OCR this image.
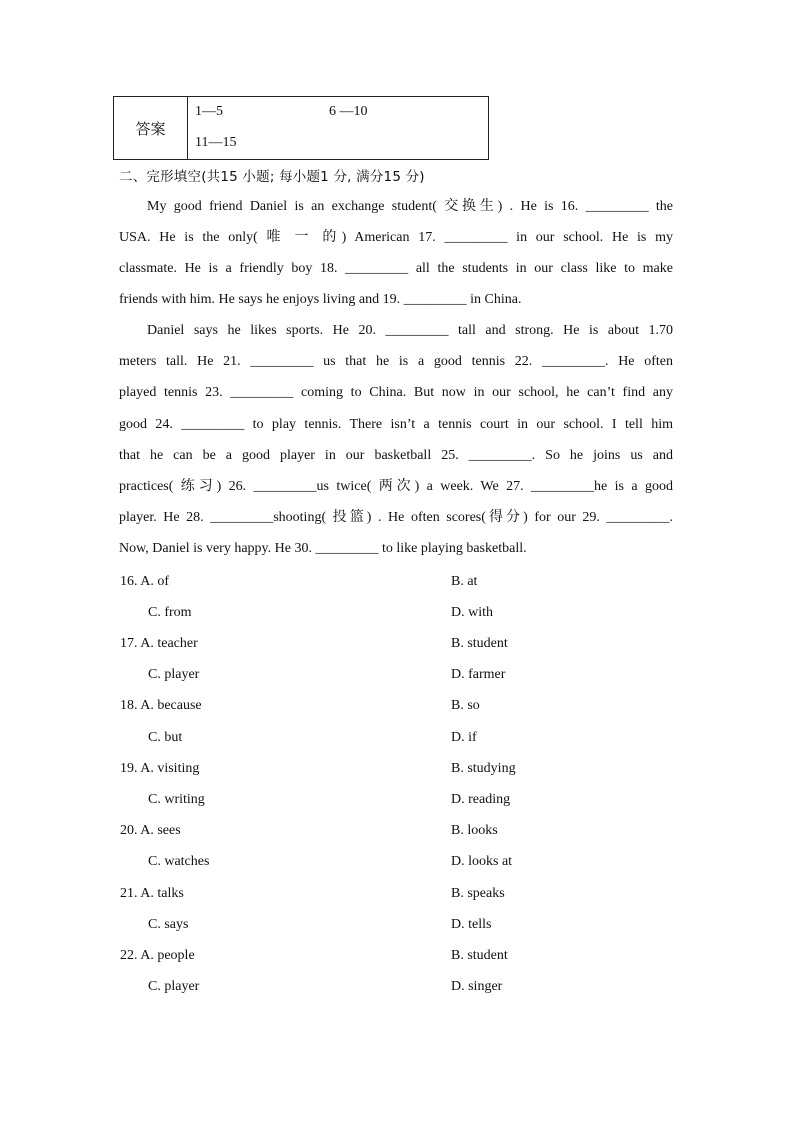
答案
1—5	6 —10
11—15
二、完形填空(共15 小题; 每小题1 分, 满分15 分)
My good friend Daniel is an exchange student( 交换生) . He is 16. _________ the
USA. He is the only( 唯 一 的) American 17. _________ in our school. He is my
classmate. He is a friendly boy 18. _________ all the students in our class like to make
friends with him. He says he enjoys living and 19. _________ in China.
Daniel says he likes sports. He 20. _________ tall and strong. He is about 1.70
meters tall. He 21. _________ us that he is a good tennis 22. _________. He often
played tennis 23. _________ coming to China. But now in our school, he can’t find any
good 24. _________ to play tennis. There isn’t a tennis court in our school. I tell him
that he can be a good player in our basketball 25. _________. So he joins us and
practices( 练习) 26. _________us twice( 两次) a week. We 27. _________he is a good
player. He 28. _________shooting( 投篮) . He often scores(得分) for our 29. _________.
Now, Daniel is very happy. He 30. _________ to like playing basketball.
16. A. of	B. at
C. from	D. with
17. A. teacher	B. student
C. player	D. farmer
18. A. because	B. so
C. but	D. if
19. A. visiting	B. studying
C. writing	D. reading
20. A. sees	B. looks
C. watches	D. looks at
21. A. talks	B. speaks
C. says	D. tells
22. A. people	B. student
C. player	D. singer
